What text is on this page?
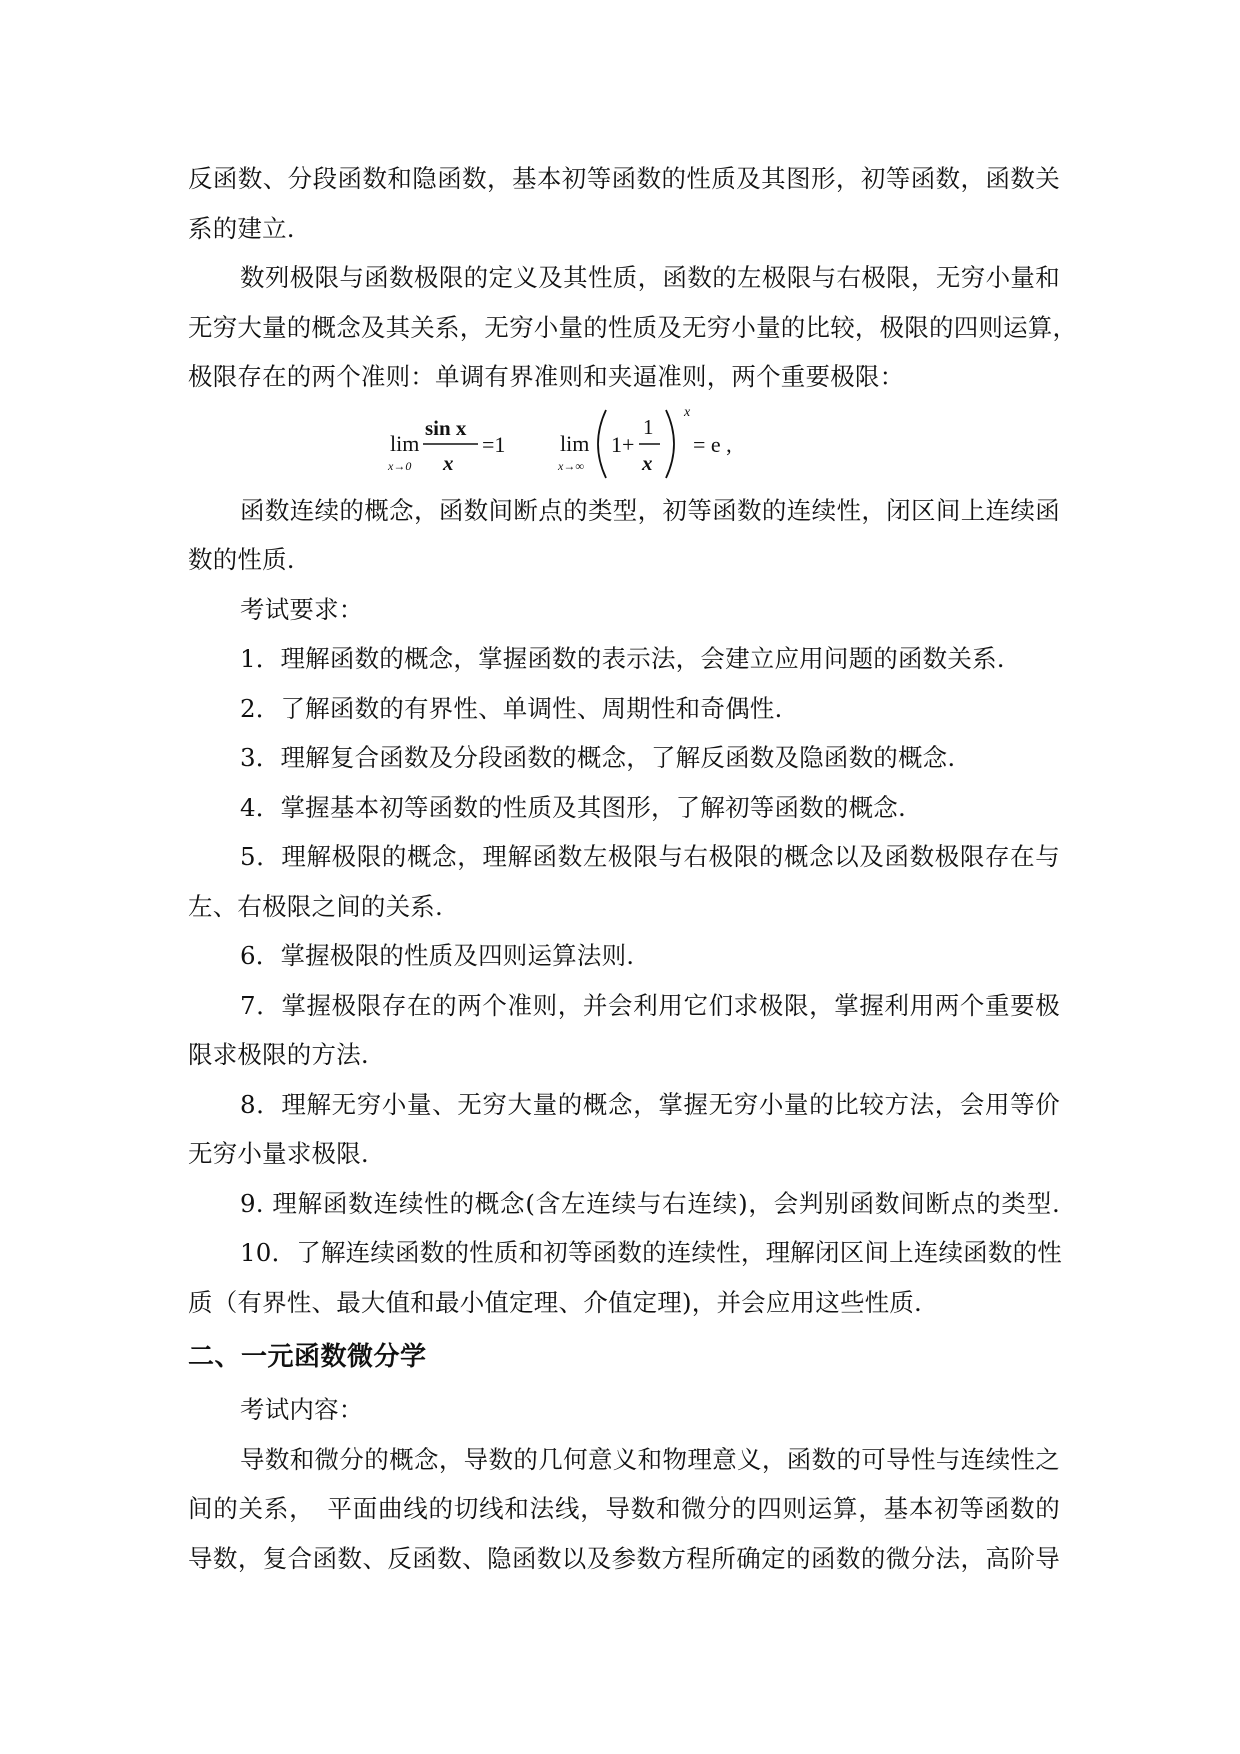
反函数、分段函数和隐函数，基本初等函数的性质及其图形，初等函数，函数关
系的建立.
数列极限与函数极限的定义及其性质，函数的左极限与右极限，无穷小量和
无穷大量的概念及其关系，无穷小量的性质及无穷小量的比较，极限的四则运算，
极限存在的两个准则：单调有界准则和夹逼准则，两个重要极限：
lim
x→0
sin x
x
=1 lim
x→∞
1+
1
x
x
= e ,
函数连续的概念，函数间断点的类型，初等函数的连续性，闭区间上连续函
数的性质.
考试要求：
1．理解函数的概念，掌握函数的表示法，会建立应用问题的函数关系.
2．了解函数的有界性、单调性、周期性和奇偶性.
3．理解复合函数及分段函数的概念，了解反函数及隐函数的概念.
4．掌握基本初等函数的性质及其图形，了解初等函数的概念.
5．理解极限的概念，理解函数左极限与右极限的概念以及函数极限存在与
左、右极限之间的关系.
6．掌握极限的性质及四则运算法则.
7．掌握极限存在的两个准则，并会利用它们求极限，掌握利用两个重要极
限求极限的方法.
8．理解无穷小量、无穷大量的概念，掌握无穷小量的比较方法，会用等价
无穷小量求极限.
9. 理解函数连续性的概念(含左连续与右连续)，会判别函数间断点的类型.
10．了解连续函数的性质和初等函数的连续性，理解闭区间上连续函数的性
质（有界性、最大值和最小值定理、介值定理)，并会应用这些性质.
二、一元函数微分学
考试内容：
导数和微分的概念，导数的几何意义和物理意义，函数的可导性与连续性之
间的关系，　平面曲线的切线和法线，导数和微分的四则运算，基本初等函数的
导数，复合函数、反函数、隐函数以及参数方程所确定的函数的微分法，高阶导
